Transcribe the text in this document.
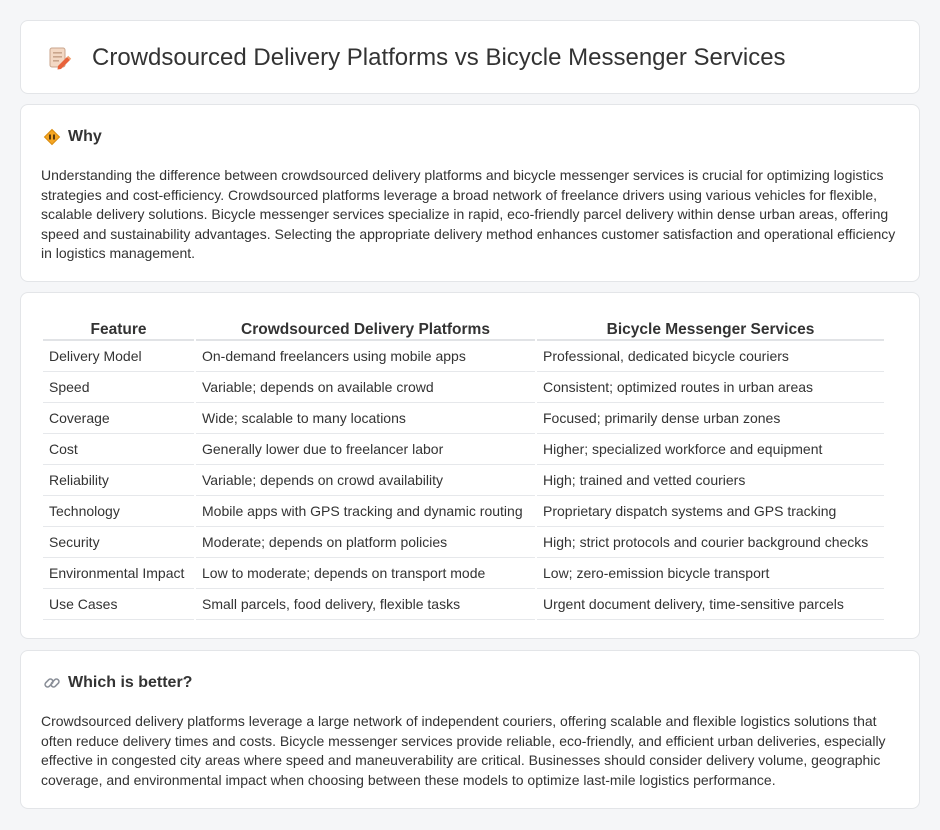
Crowdsourced Delivery Platforms vs Bicycle Messenger Services
Why

Understanding the difference between crowdsourced delivery platforms and bicycle messenger services is crucial for optimizing logistics strategies and cost-efficiency. Crowdsourced platforms leverage a broad network of freelance drivers using various vehicles for flexible, scalable delivery solutions. Bicycle messenger services specialize in rapid, eco-friendly parcel delivery within dense urban areas, offering speed and sustainability advantages. Selecting the appropriate delivery method enhances customer satisfaction and operational efficiency in logistics management.

Feature	Crowdsourced Delivery Platforms	Bicycle Messenger Services
Delivery Model	On-demand freelancers using mobile apps	Professional, dedicated bicycle couriers
Speed	Variable; depends on available crowd	Consistent; optimized routes in urban areas
Coverage	Wide; scalable to many locations	Focused; primarily dense urban zones
Cost	Generally lower due to freelancer labor	Higher; specialized workforce and equipment
Reliability	Variable; depends on crowd availability	High; trained and vetted couriers
Technology	Mobile apps with GPS tracking and dynamic routing	Proprietary dispatch systems and GPS tracking
Security	Moderate; depends on platform policies	High; strict protocols and courier background checks
Environmental Impact	Low to moderate; depends on transport mode	Low; zero-emission bicycle transport
Use Cases	Small parcels, food delivery, flexible tasks	Urgent document delivery, time-sensitive parcels
Which is better?

Crowdsourced delivery platforms leverage a large network of independent couriers, offering scalable and flexible logistics solutions that often reduce delivery times and costs. Bicycle messenger services provide reliable, eco-friendly, and efficient urban deliveries, especially effective in congested city areas where speed and maneuverability are critical. Businesses should consider delivery volume, geographic coverage, and environmental impact when choosing between these models to optimize last-mile logistics performance.
